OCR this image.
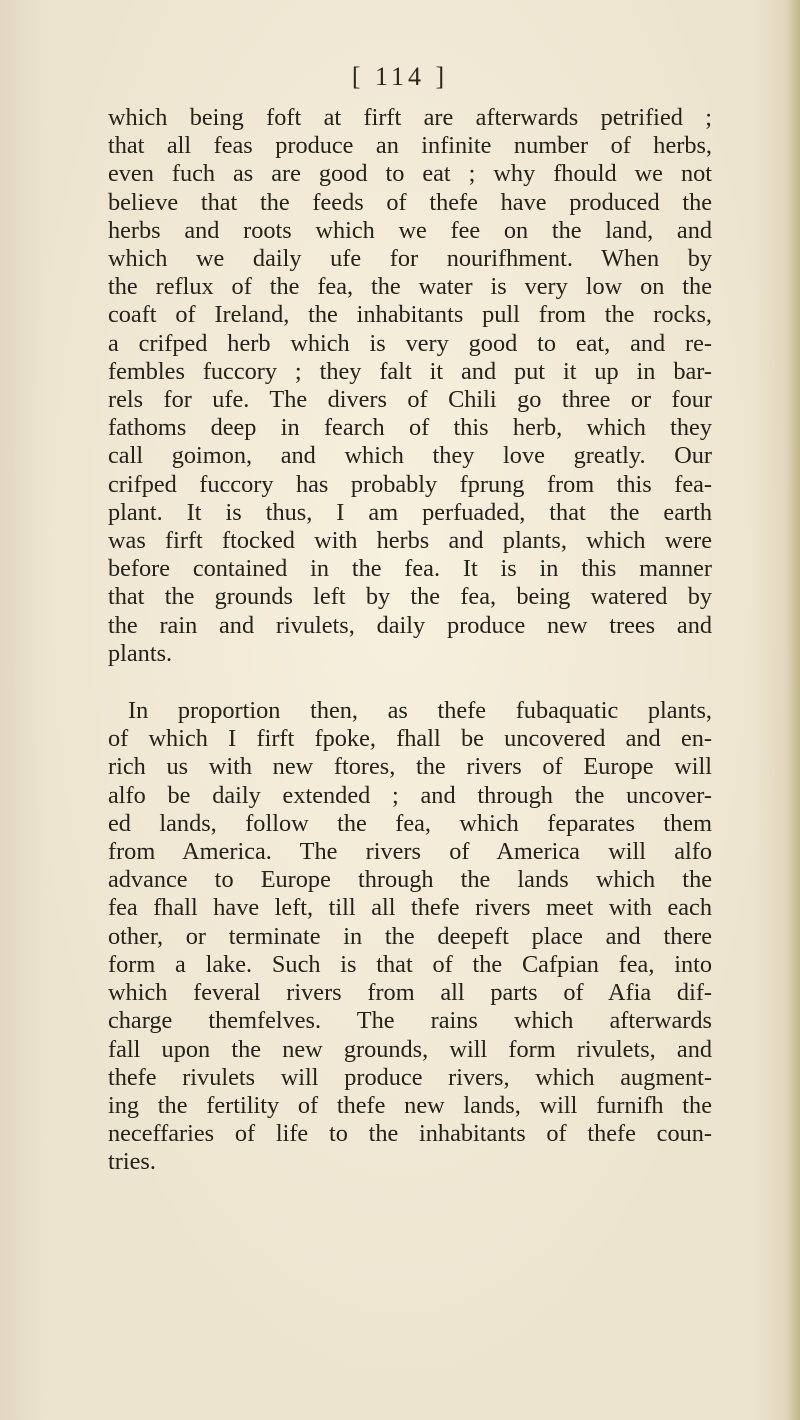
[ 114 ]

which being foft at firft are afterwards petrified ;
that all feas produce an infinite number of herbs,
even fuch as are good to eat ; why fhould we not
believe that the feeds of thefe have produced the
herbs and roots which we fee on the land, and
which we daily ufe for nourifhment. When by
the reflux of the fea, the water is very low on the
coaft of Ireland, the inhabitants pull from the rocks,
a crifped herb which is very good to eat, and re-
fembles fuccory ; they falt it and put it up in bar-
rels for ufe. The divers of Chili go three or four
fathoms deep in fearch of this herb, which they
call goimon, and which they love greatly. Our
crifped fuccory has probably fprung from this fea-
plant. It is thus, I am perfuaded, that the earth
was firft ftocked with herbs and plants, which were
before contained in the fea. It is in this manner
that the grounds left by the fea, being watered by
the rain and rivulets, daily produce new trees and
plants.

In proportion then, as thefe fubaquatic plants,
of which I firft fpoke, fhall be uncovered and en-
rich us with new ftores, the rivers of Europe will
alfo be daily extended ; and through the uncover-
ed lands, follow the fea, which feparates them
from America. The rivers of America will alfo
advance to Europe through the lands which the
fea fhall have left, till all thefe rivers meet with each
other, or terminate in the deepeft place and there
form a lake. Such is that of the Cafpian fea, into
which feveral rivers from all parts of Afia dif-
charge themfelves. The rains which afterwards
fall upon the new grounds, will form rivulets, and
thefe rivulets will produce rivers, which augment-
ing the fertility of thefe new lands, will furnifh the
neceffaries of life to the inhabitants of thefe coun-
tries.
